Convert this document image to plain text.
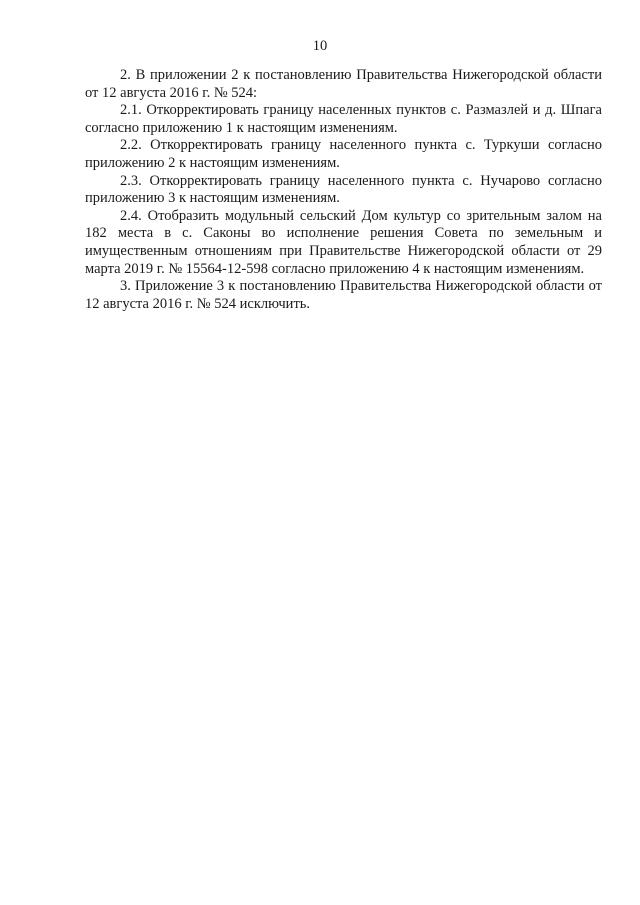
10

2. В приложении 2 к постановлению Правительства Нижегородской области от 12 августа 2016 г. № 524:

2.1. Откорректировать границу населенных пунктов с. Размазлей и д. Шпага согласно приложению 1 к настоящим изменениям.

2.2. Откорректировать границу населенного пункта с. Туркуши согласно приложению 2 к настоящим изменениям.

2.3. Откорректировать границу населенного пункта с. Нучарово согласно приложению 3 к настоящим изменениям.

2.4. Отобразить модульный сельский Дом культур со зрительным залом на 182 места в с. Саконы во исполнение решения Совета по земельным и имущественным отношениям при Правительстве Нижегородской области от 29 марта 2019 г. № 15564-12-598 согласно приложению 4 к настоящим изменениям.

3. Приложение 3 к постановлению Правительства Нижегородской области от 12 августа 2016 г. № 524 исключить.
